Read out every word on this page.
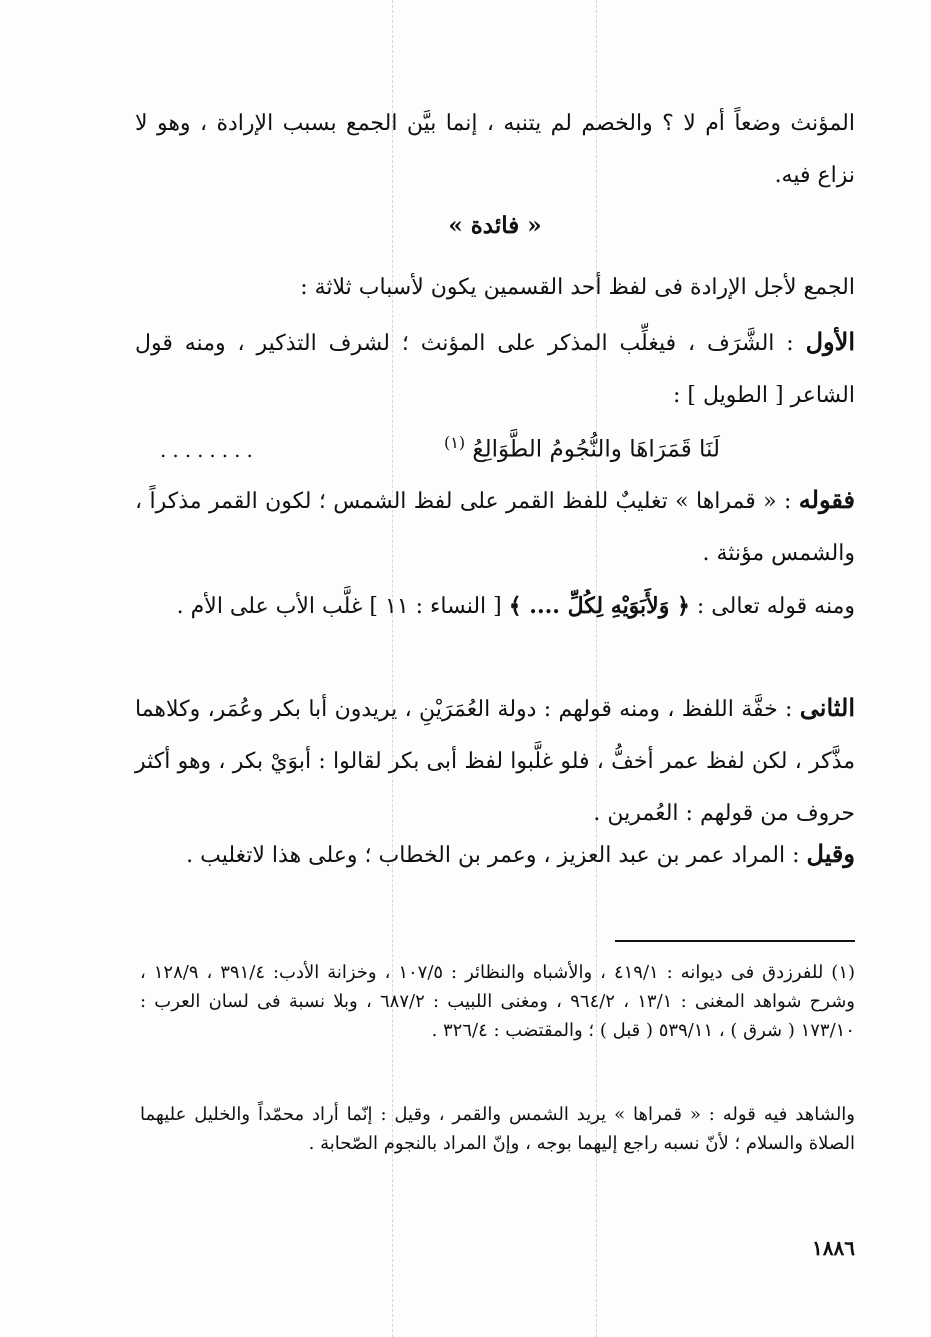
المؤنث وضعاً أم لا ؟ والخصم لم يتنبه ، إنما بيَّن الجمع بسبب الإرادة ، وهو لا نزاع فيه.

« فائدة »

الجمع لأجل الإرادة فى لفظ أحد القسمين يكون لأسباب ثلاثة :

الأول : الشَّرَف ، فيغلِّب المذكر على المؤنث ؛ لشرف التذكير ، ومنه قول الشاعر [ الطويل ] :

لَنَا قَمَرَاهَا والنُّجُومُ الطَّوَالِعُ $^{(١)}$
........

فقوله : « قمراها » تغليبٌ للفظ القمر على لفظ الشمس ؛ لكون القمر مذكراً ، والشمس مؤنثة .

ومنه قوله تعالى : ﴿ وَلأَبَوَيْهِ لِكُلِّ .... ﴾ [ النساء : ١١ ] غلَّب الأب على الأم .

الثانى : خفَّة اللفظ ، ومنه قولهم : دولة العُمَرَيْنِ ، يريدون أبا بكر وعُمَر، وكلاهما مذَّكر ، لكن لفظ عمر أخفُّ ، فلو غلَّبوا لفظ أبى بكر لقالوا : أبوَيْ بكر ، وهو أكثر حروف من قولهم : العُمرين .

وقيل : المراد عمر بن عبد العزيز ، وعمر بن الخطاب ؛ وعلى هذا لاتغليب .

(١) للفرزدق فى ديوانه : ٤١٩/١ ، والأشباه والنظائر : ١٠٧/٥ ، وخزانة الأدب: ٣٩١/٤ ، ١٢٨/٩ ، وشرح شواهد المغنى : ١٣/١ ، ٩٦٤/٢ ، ومغنى اللبيب : ٦٨٧/٢ ، وبلا نسبة فى لسان العرب : ١٧٣/١٠ ( شرق ) ، ٥٣٩/١١ ( قبل ) ؛ والمقتضب : ٣٢٦/٤ .

والشاهد فيه قوله : « قمراها » يريد الشمس والقمر ، وقيل : إنّما أراد محمّداً والخليل عليهما الصلاة والسلام ؛ لأنّ نسبه راجع إليهما بوجه ، وإنّ المراد بالنجوم الصّحابة .

١٨٨٦
